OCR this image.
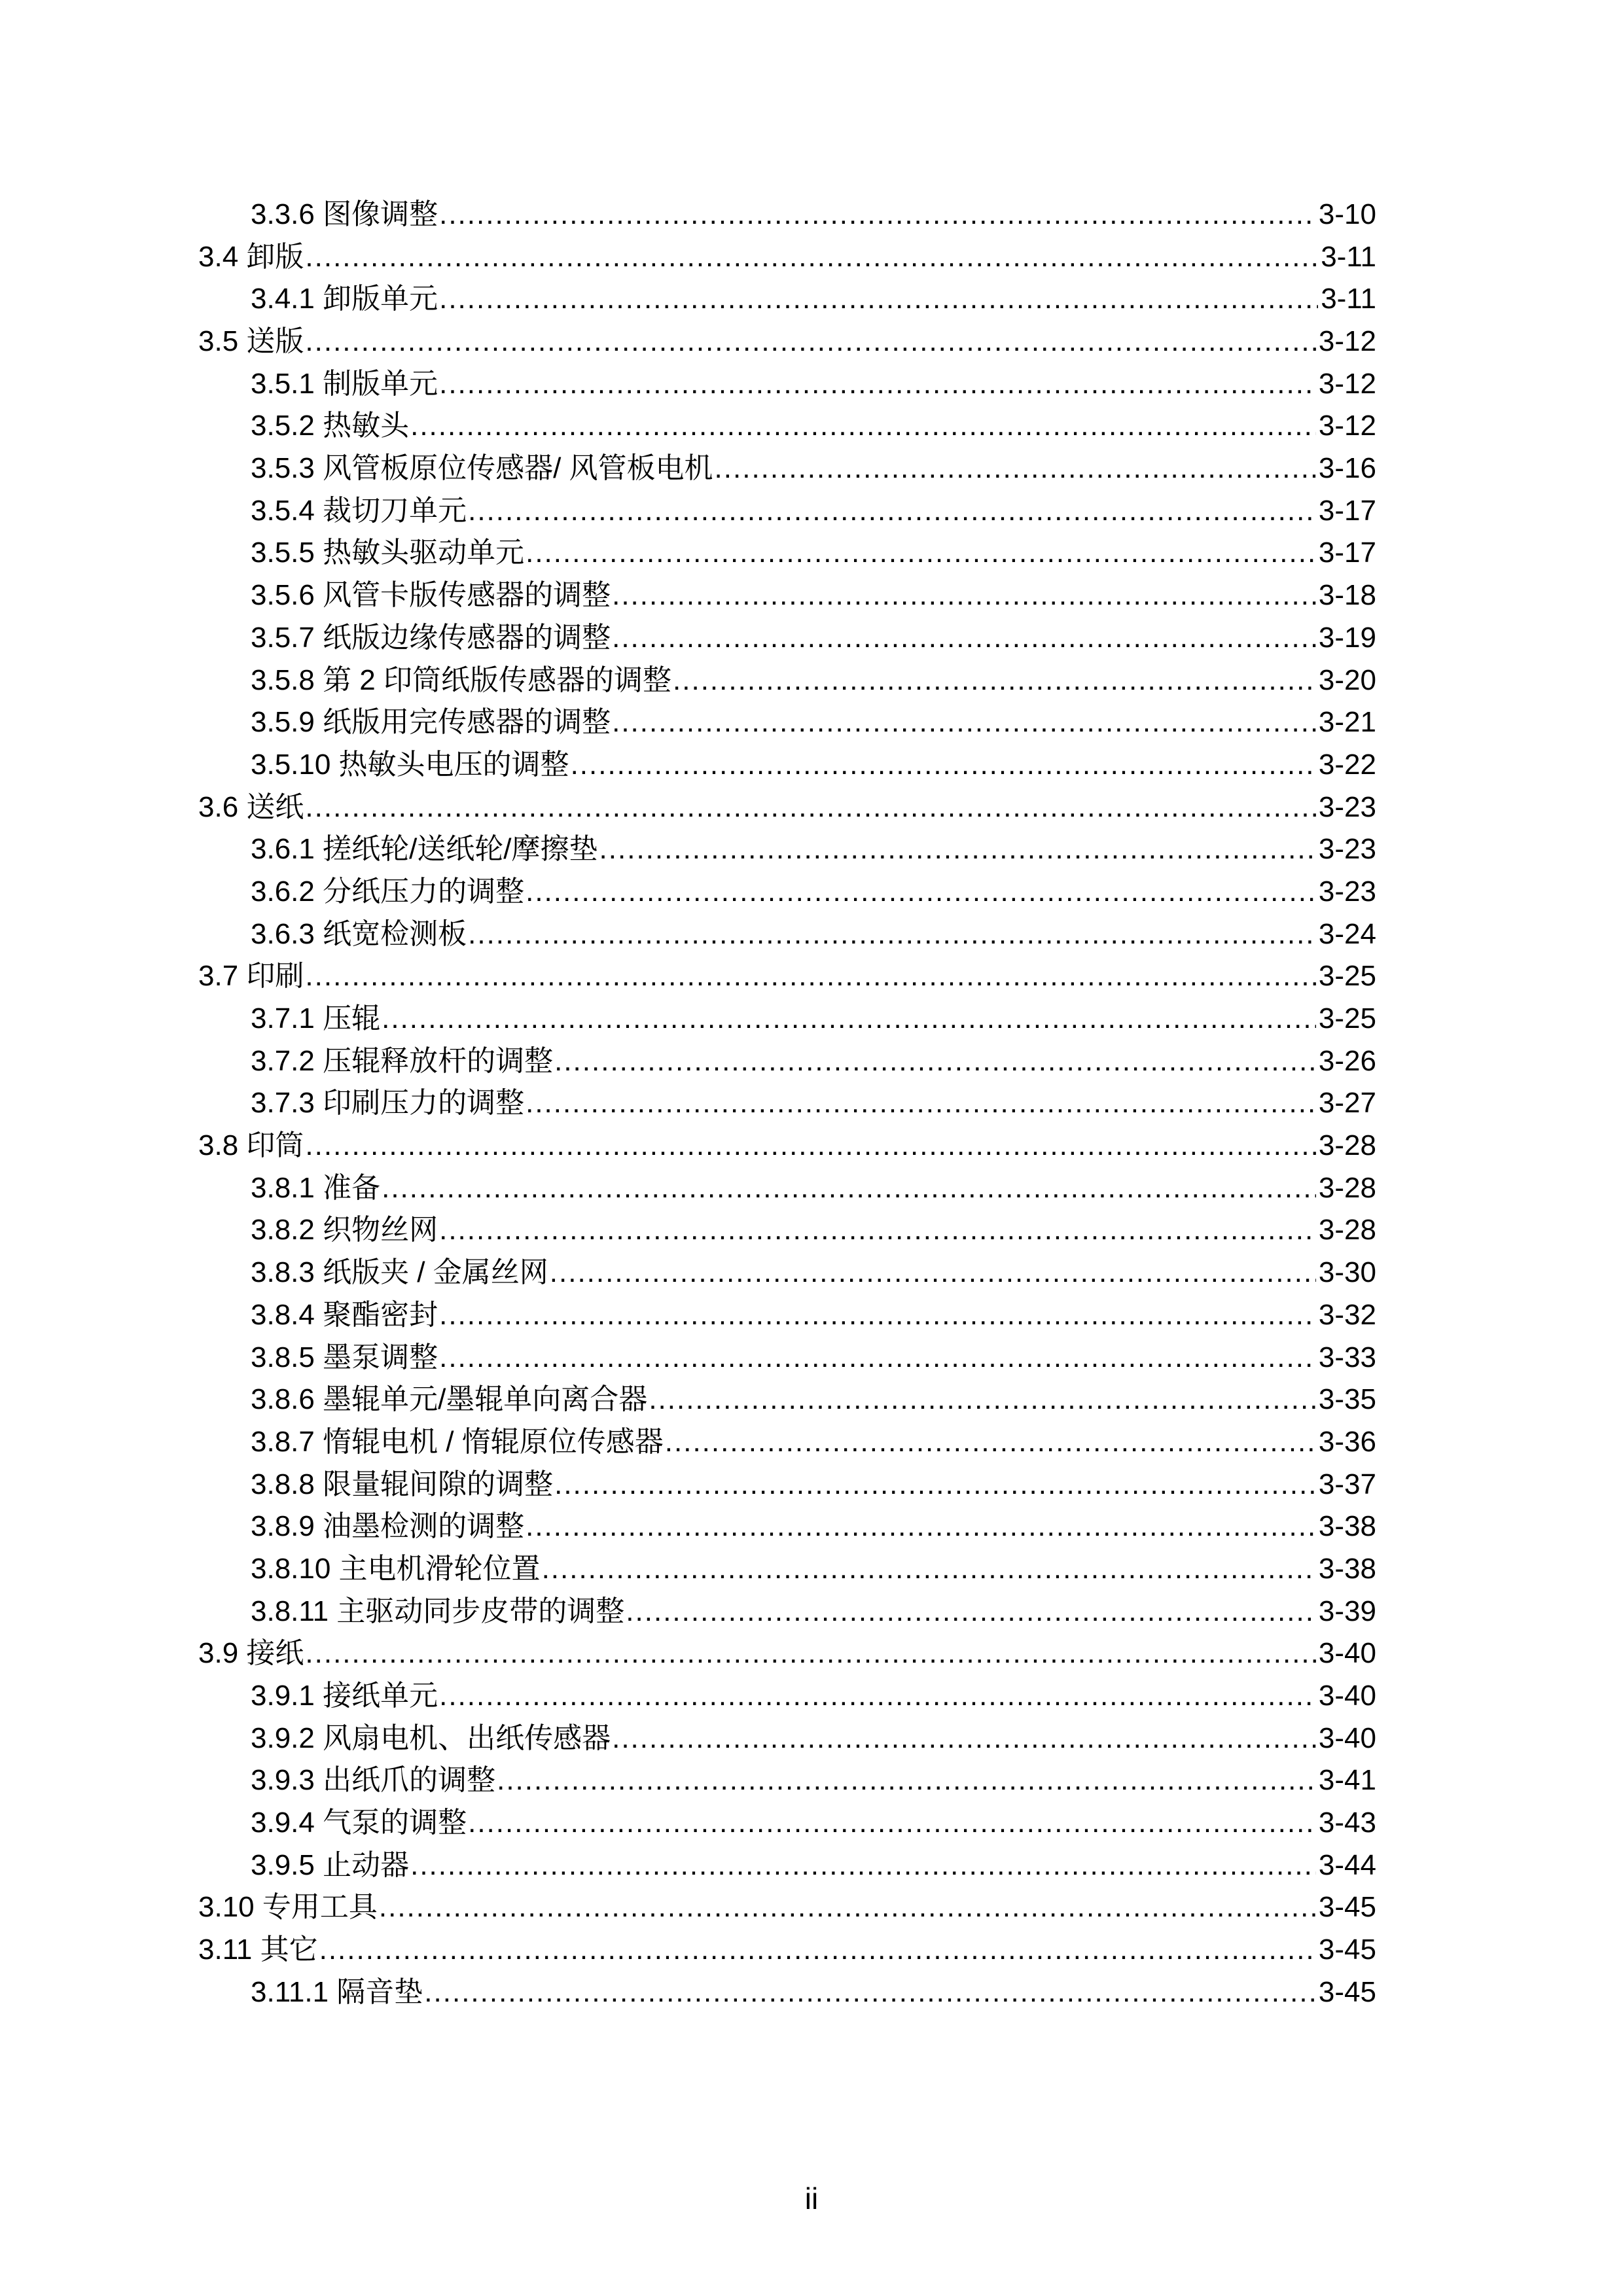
3.3.6 图像调整 .....	3-10
3.4 卸版 .....	3-11
3.4.1 卸版单元 .....	3-11
3.5 送版 .....	3-12
3.5.1 制版单元 .....	3-12
3.5.2 热敏头 .....	3-12
3.5.3 风管板原位传感器/ 风管板电机 .....	3-16
3.5.4 裁切刀单元 .....	3-17
3.5.5 热敏头驱动单元 .....	3-17
3.5.6 风管卡版传感器的调整 .....	3-18
3.5.7 纸版边缘传感器的调整 .....	3-19
3.5.8 第 2 印筒纸版传感器的调整 .....	3-20
3.5.9 纸版用完传感器的调整 .....	3-21
3.5.10 热敏头电压的调整 .....	3-22
3.6 送纸 .....	3-23
3.6.1 搓纸轮/送纸轮/摩擦垫 .....	3-23
3.6.2 分纸压力的调整 .....	3-23
3.6.3 纸宽检测板 .....	3-24
3.7 印刷 .....	3-25
3.7.1 压辊 .....	3-25
3.7.2 压辊释放杆的调整 .....	3-26
3.7.3 印刷压力的调整 .....	3-27
3.8 印筒 .....	3-28
3.8.1 准备 .....	3-28
3.8.2 织物丝网 .....	3-28
3.8.3 纸版夹 / 金属丝网 .....	3-30
3.8.4 聚酯密封 .....	3-32
3.8.5 墨泵调整 .....	3-33
3.8.6 墨辊单元/墨辊单向离合器 .....	3-35
3.8.7 惰辊电机 / 惰辊原位传感器 .....	3-36
3.8.8 限量辊间隙的调整 .....	3-37
3.8.9 油墨检测的调整 .....	3-38
3.8.10 主电机滑轮位置 .....	3-38
3.8.11 主驱动同步皮带的调整 .....	3-39
3.9 接纸 .....	3-40
3.9.1 接纸单元 .....	3-40
3.9.2 风扇电机、出纸传感器 .....	3-40
3.9.3 出纸爪的调整 .....	3-41
3.9.4 气泵的调整 .....	3-43
3.9.5 止动器 .....	3-44
3.10 专用工具 .....	3-45
3.11 其它 .....	3-45
3.11.1 隔音垫 .....	3-45
ii
